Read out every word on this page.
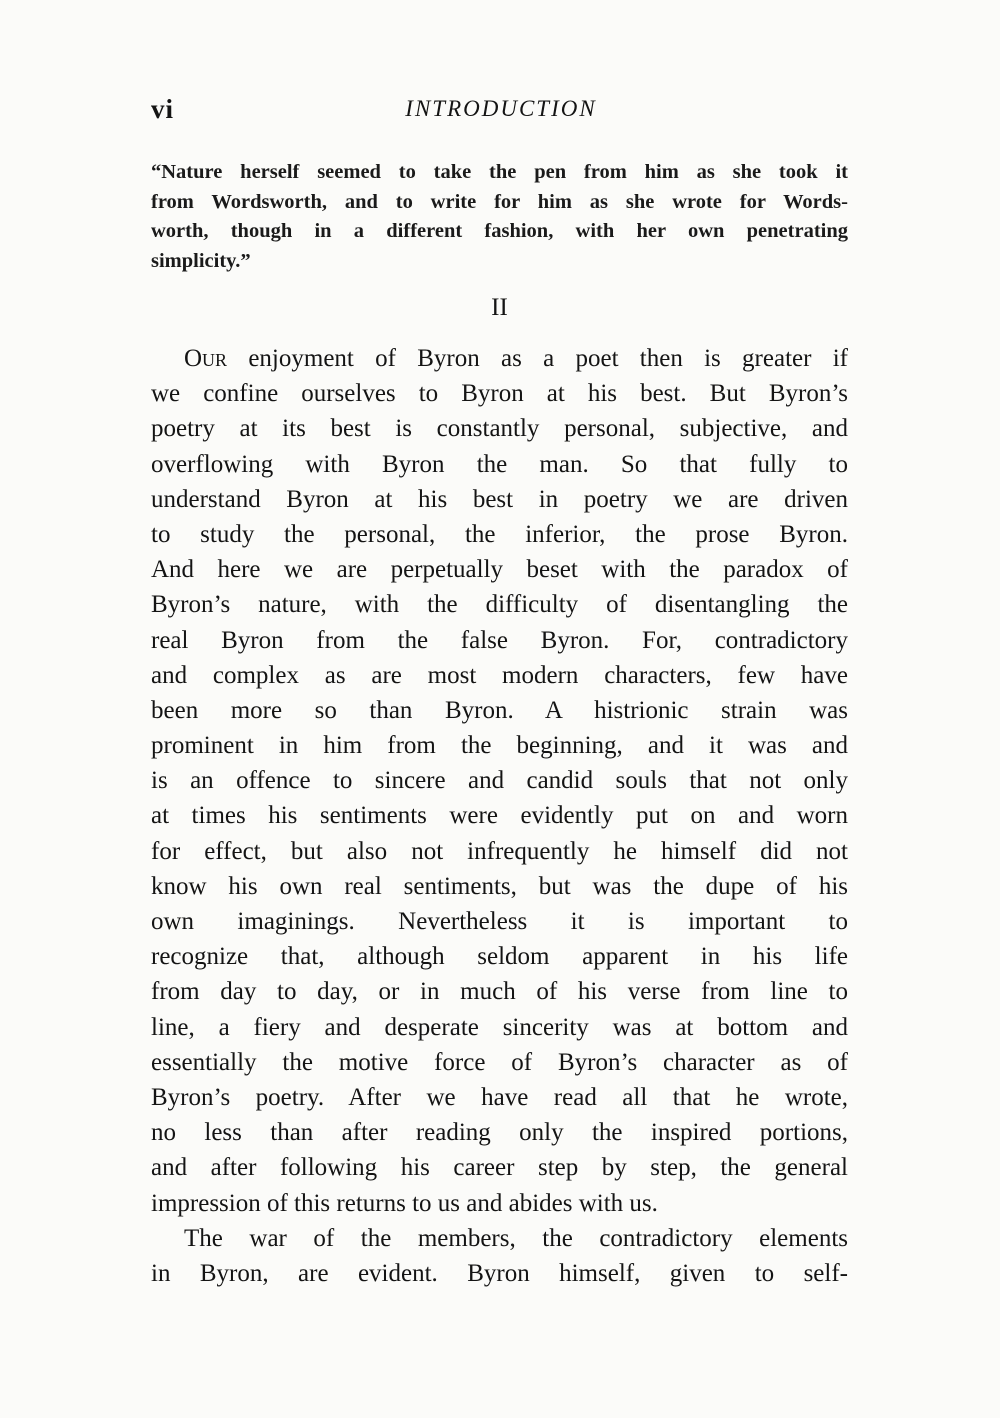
vi	INTRODUCTION
“Nature herself seemed to take the pen from him as she took it
from Wordsworth, and to write for him as she wrote for Words-
worth, though in a different fashion, with her own penetrating
simplicity.”
II
Our enjoyment of Byron as a poet then is greater if
we confine ourselves to Byron at his best. But Byron’s
poetry at its best is constantly personal, subjective, and
overflowing with Byron the man. So that fully to
understand Byron at his best in poetry we are driven
to study the personal, the inferior, the prose Byron.
And here we are perpetually beset with the paradox of
Byron’s nature, with the difficulty of disentangling the
real Byron from the false Byron. For, contradictory
and complex as are most modern characters, few have
been more so than Byron. A histrionic strain was
prominent in him from the beginning, and it was and
is an offence to sincere and candid souls that not only
at times his sentiments were evidently put on and worn
for effect, but also not infrequently he himself did not
know his own real sentiments, but was the dupe of his
own imaginings. Nevertheless it is important to
recognize that, although seldom apparent in his life
from day to day, or in much of his verse from line to
line, a fiery and desperate sincerity was at bottom and
essentially the motive force of Byron’s character as of
Byron’s poetry. After we have read all that he wrote,
no less than after reading only the inspired portions,
and after following his career step by step, the general
impression of this returns to us and abides with us.
The war of the members, the contradictory elements
in Byron, are evident. Byron himself, given to self-
